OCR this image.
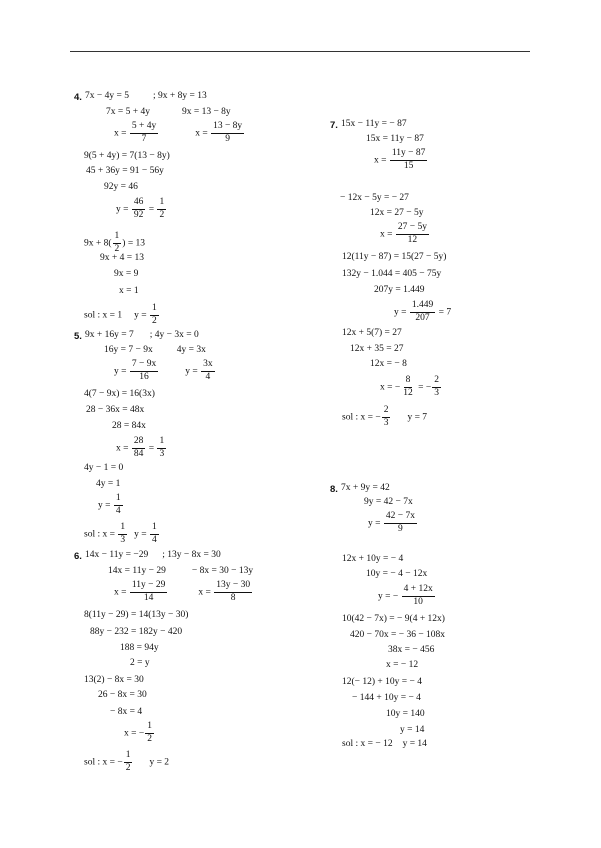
4. 7x − 4y = 5	; 9x + 8y = 13
7x = 5 + 4y	9x = 13 − 8y
$x = \frac{5 + 4y}{7}$	$x = \frac{13 - 8y}{9}$
9(5 + 4y) = 7(13 − 8y)
45 + 36y = 91 − 56y
92y = 46
$y = \frac{46}{92} = \frac{1}{2}$
$9x + 8( \frac{1}{2}$ ) = 13
9x + 4 = 13
9x = 9
x = 1
sol : x = 1 $y = \frac{1}{2}$
5. 9x + 16y = 7 ; 4y − 3x = 0
16y = 7 − 9x	4y = 3x
$y = \frac{7 - 9x}{16}$	$y = \frac{3x}{4}$
4(7 − 9x) = 16(3x)
28 − 36x = 48x
28 = 84x
$x = \frac{28}{84} = \frac{1}{3}$
4y − 1 = 0
4y = 1
$y = \frac{1}{4}$
sol : $x = \frac{1}{3}$ $y = \frac{1}{4}$
6. 14x − 11y = −29 ; 13y − 8x = 30
14x = 11y − 29	− 8x = 30 − 13y
$x = \frac{11y - 29}{14}$	$x = \frac{13y - 30}{8}$
8(11y − 29) = 14(13y − 30)
88y − 232 = 182y − 420
188 = 94y
2 = y
13(2) − 8x = 30
26 − 8x = 30
− 8x = 4
x = − $\frac{1}{2}$
sol : x = − $\frac{1}{2}$ y = 2
7. 15x − 11y = − 87
15x = 11y − 87
$x = \frac{11y - 87}{15}$
− 12x − 5y = − 27
12x = 27 − 5y
$x = \frac{27 - 5y}{12}$
12(11y − 87) = 15(27 − 5y)
132y − 1.044 = 405 − 75y
207y = 1.449
$y = \frac{1.449}{207} = 7$
12x + 5(7) = 27
12x + 35 = 27
12x = − 8
x = − $\frac{8}{12}$ = − $\frac{2}{3}$
sol : x = − $\frac{2}{3}$ y = 7
8. 7x + 9y = 42
9y = 42 − 7x
$y = \frac{42 - 7x}{9}$
12x + 10y = − 4
10y = − 4 − 12x
y = − $\frac{4 + 12x}{10}$
10(42 − 7x) = − 9(4 + 12x)
420 − 70x = − 36 − 108x
38x = − 456
x = − 12
12(− 12) + 10y = − 4
− 144 + 10y = − 4
10y = 140
y = 14
sol : x = − 12 y = 14
